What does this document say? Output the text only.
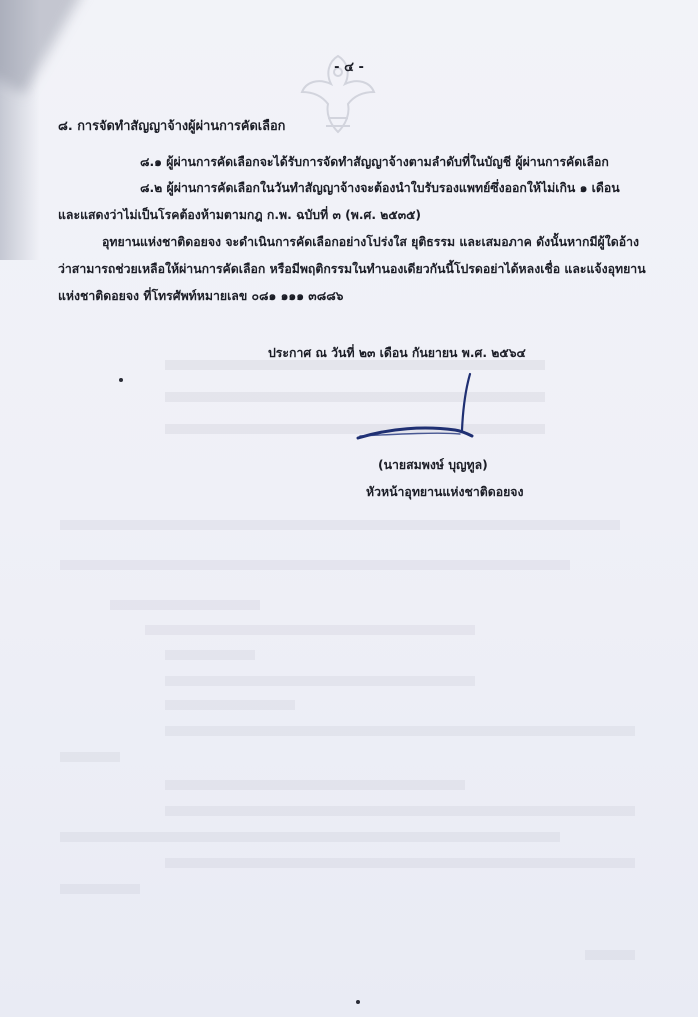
- ๔ -
๘. การจัดทำสัญญาจ้างผู้ผ่านการคัดเลือก
๘.๑ ผู้ผ่านการคัดเลือกจะได้รับการจัดทำสัญญาจ้างตามลำดับที่ในบัญชี ผู้ผ่านการคัดเลือก
๘.๒ ผู้ผ่านการคัดเลือกในวันทำสัญญาจ้างจะต้องนำใบรับรองแพทย์ซึ่งออกให้ไม่เกิน ๑ เดือน
และแสดงว่าไม่เป็นโรคต้องห้ามตามกฎ ก.พ. ฉบับที่ ๓ (พ.ศ. ๒๕๓๕)
อุทยานแห่งชาติดอยจง จะดำเนินการคัดเลือกอย่างโปร่งใส ยุติธรรม และเสมอภาค ดังนั้นหากมีผู้ใดอ้าง
ว่าสามารถช่วยเหลือให้ผ่านการคัดเลือก หรือมีพฤติกรรมในทำนองเดียวกันนี้โปรดอย่าได้หลงเชื่อ และแจ้งอุทยาน
แห่งชาติดอยจง ที่โทรศัพท์หมายเลข ๐๘๑ ๑๑๑ ๓๘๘๖
ประกาศ ณ วันที่ ๒๓ เดือน กันยายน พ.ศ. ๒๕๖๔
(นายสมพงษ์ บุญทูล)
หัวหน้าอุทยานแห่งชาติดอยจง
